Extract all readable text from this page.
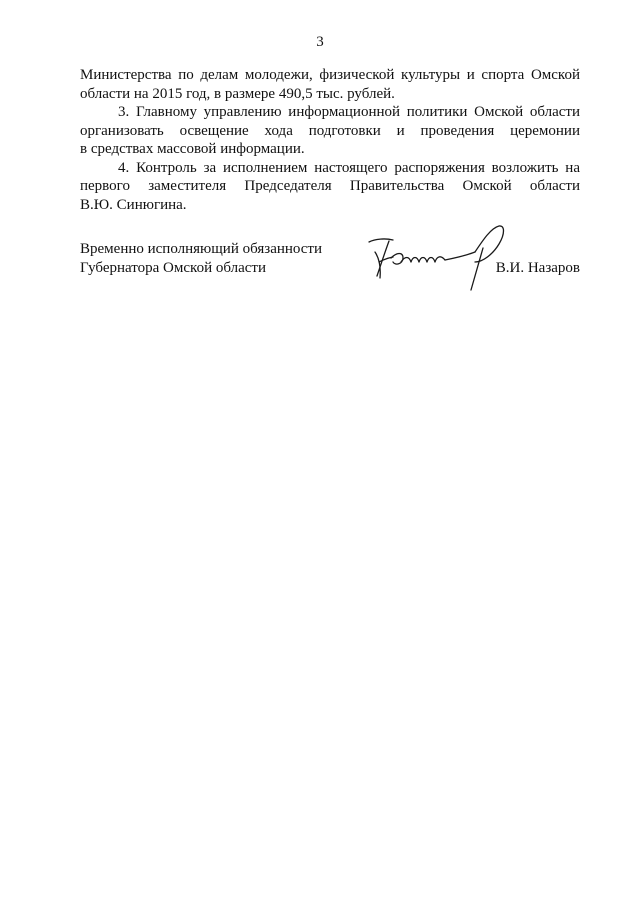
3

Министерства по делам молодежи, физической культуры и спорта Омской
области на 2015 год, в размере 490,5 тыс. рублей.

3. Главному управлению информационной политики Омской области
организовать освещение хода подготовки и проведения церемонии
в средствах массовой информации.

4. Контроль за исполнением настоящего распоряжения возложить на
первого заместителя Председателя Правительства Омской области
В.Ю. Синюгина.

Временно исполняющий обязанности
Губернатора Омской области	В.И. Назаров
